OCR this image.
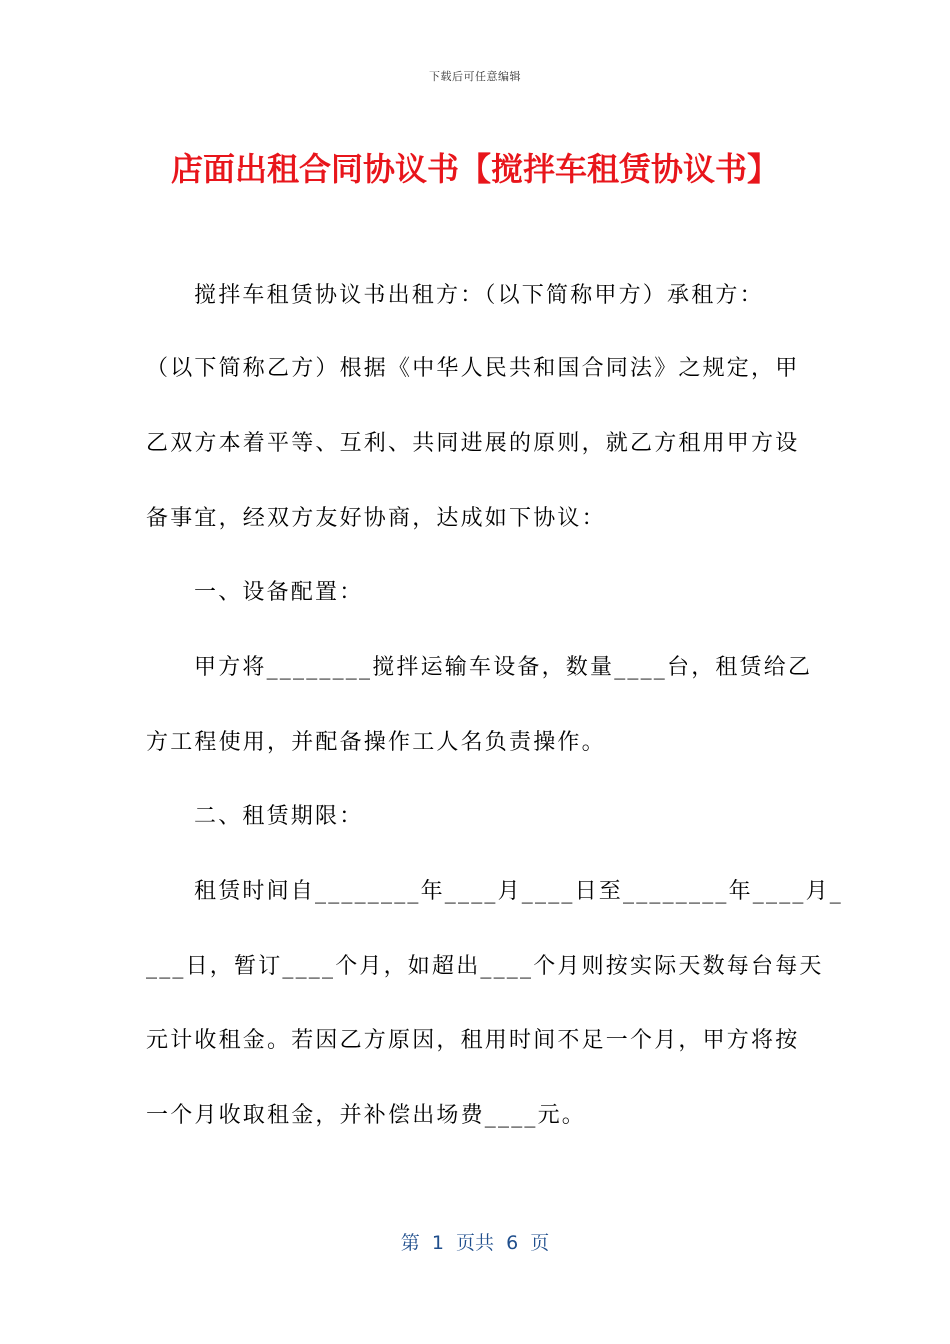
下载后可任意编辑
店面出租合同协议书【搅拌车租赁协议书】
搅拌车租赁协议书出租方：（以下简称甲方）承租方：
（以下简称乙方）根据《中华人民共和国合同法》之规定，甲
乙双方本着平等、互利、共同进展的原则，就乙方租用甲方设
备事宜，经双方友好协商，达成如下协议：
一、设备配置：
甲方将________搅拌运输车设备，数量____台，租赁给乙
方工程使用，并配备操作工人名负责操作。
二、租赁期限：
租赁时间自________年____月____日至________年____月_
___日，暂订____个月，如超出____个月则按实际天数每台每天
元计收租金。若因乙方原因，租用时间不足一个月，甲方将按
一个月收取租金，并补偿出场费____元。
第  1  页共  6  页
